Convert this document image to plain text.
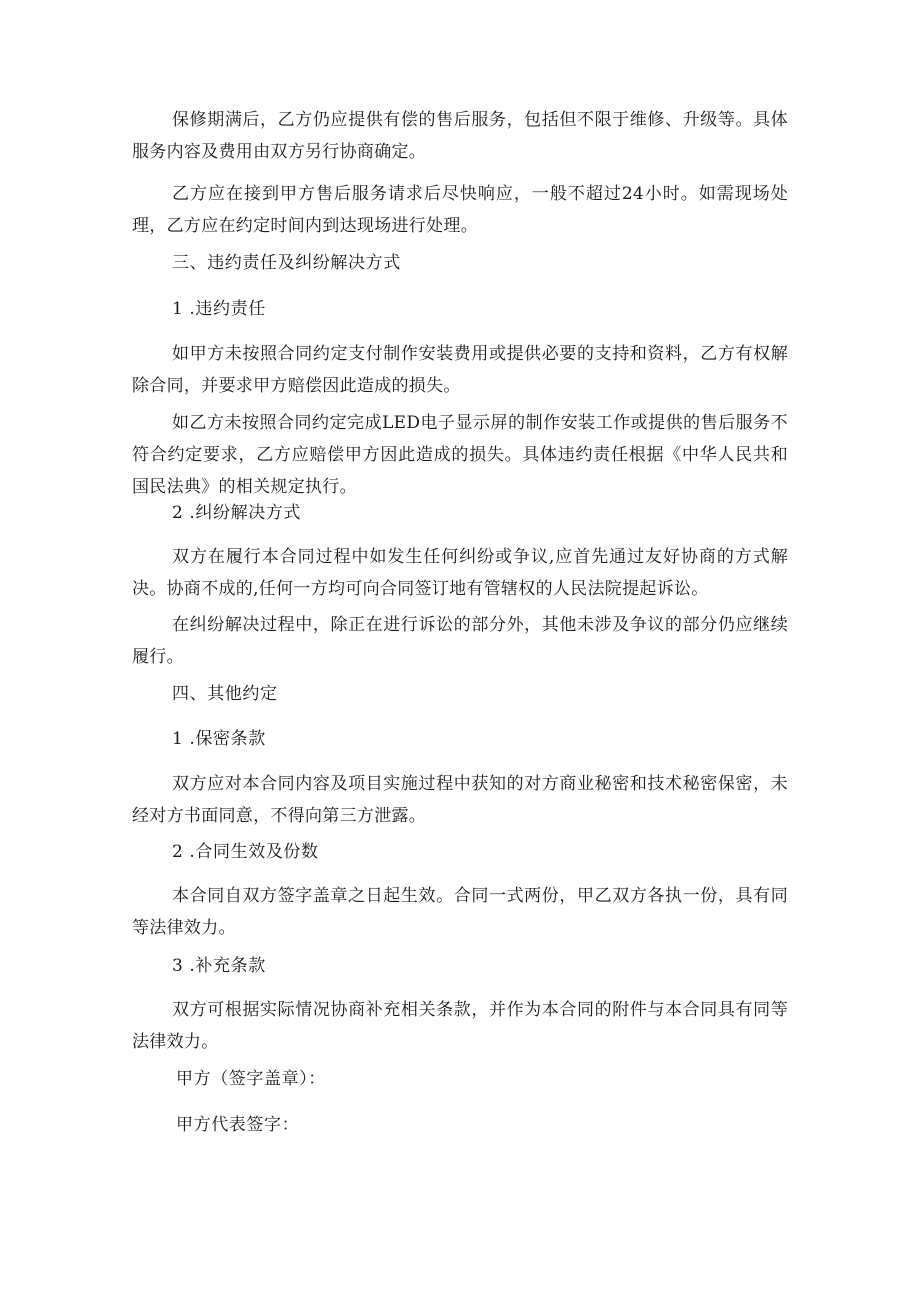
保修期满后，乙方仍应提供有偿的售后服务，包括但不限于维修、升级等。具体服务内容及费用由双方另行协商确定。

乙方应在接到甲方售后服务请求后尽快响应，一般不超过24小时。如需现场处理，乙方应在约定时间内到达现场进行处理。

三、违约责任及纠纷解决方式

1 .违约责任

如甲方未按照合同约定支付制作安装费用或提供必要的支持和资料，乙方有权解除合同，并要求甲方赔偿因此造成的损失。

如乙方未按照合同约定完成LED电子显示屏的制作安装工作或提供的售后服务不符合约定要求，乙方应赔偿甲方因此造成的损失。具体违约责任根据《中华人民共和国民法典》的相关规定执行。

2 .纠纷解决方式

双方在履行本合同过程中如发生任何纠纷或争议,应首先通过友好协商的方式解决。协商不成的,任何一方均可向合同签订地有管辖权的人民法院提起诉讼。

在纠纷解决过程中，除正在进行诉讼的部分外，其他未涉及争议的部分仍应继续履行。

四、其他约定

1 .保密条款

双方应对本合同内容及项目实施过程中获知的对方商业秘密和技术秘密保密，未经对方书面同意，不得向第三方泄露。

2 .合同生效及份数

本合同自双方签字盖章之日起生效。合同一式两份，甲乙双方各执一份，具有同等法律效力。

3 .补充条款

双方可根据实际情况协商补充相关条款，并作为本合同的附件与本合同具有同等法律效力。

甲方（签字盖章）：

甲方代表签字：
